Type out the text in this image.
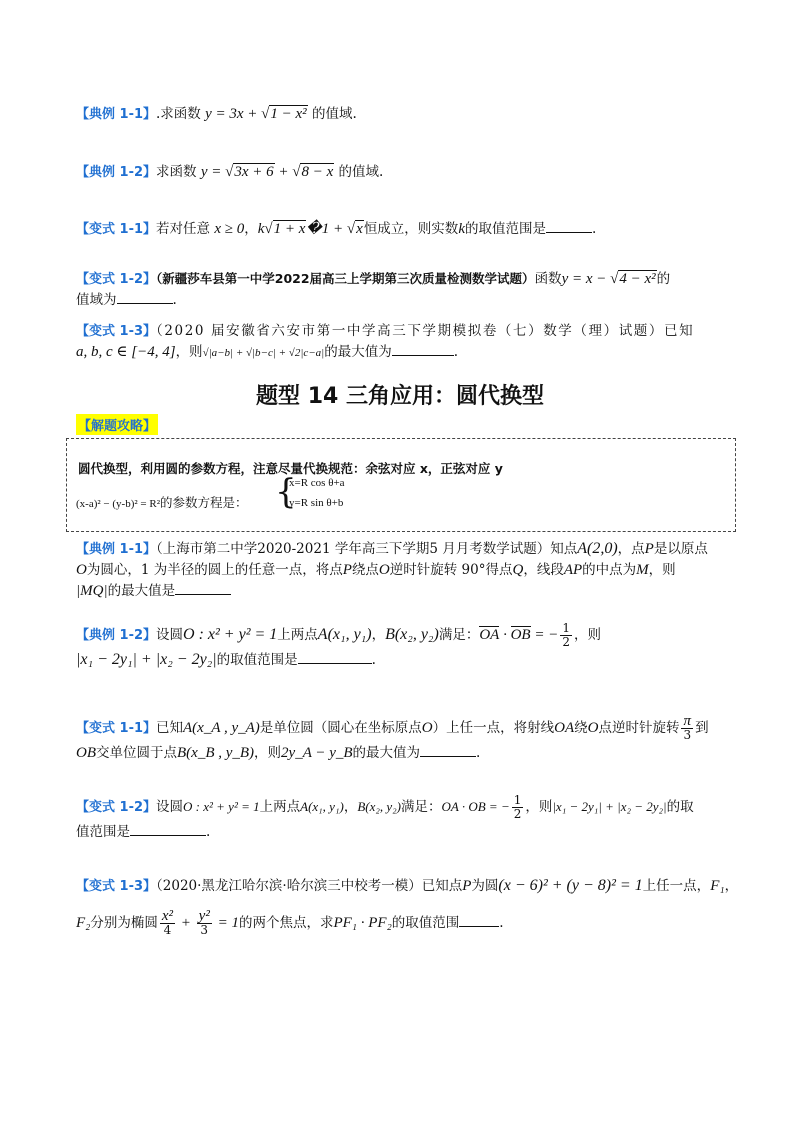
【典例 1-1】.求函数 y = 3x + √1 − x² 的值域.
【典例 1-2】求函数 y = √3x + 6 + √8 − x 的值域.
【变式 1-1】若对任意 x ≥ 0，k√1 + x�1 + √x恒成立，则实数k的取值范围是	.
【变式 1-2】（新疆莎车县第一中学2022届高三上学期第三次质量检测数学试题）函数y = x − √4 − x²的
值域为	.
【变式 1-3】（2020 届安徽省六安市第一中学高三下学期模拟卷（七）数学（理）试题）已知
a, b, c ∈ [−4, 4]，则√|a−b| + √|b−c| + √2|c−a|的最大值为	.
题型 14 三角应用：圆代换型
【解题攻略】
圆代换型，利用圆的参数方程，注意尽量代换规范：余弦对应 x，正弦对应 y
(x-a)² − (y-b)² = R²的参数方程是： {
x=R cos θ+a
y=R sin θ+b
【典例 1-1】（上海市第二中学2020-2021 学年高三下学期5 月月考数学试题）知点A(2,0)，点P是以原点
O为圆心，1 为半径的圆上的任意一点，将点P绕点O逆时针旋转 90°得点Q，线段AP的中点为M，则
|MQ|的最大值是
【典例 1-2】设圆O : x² + y² = 1上两点A(x₁, y₁)，B(x₂, y₂)满足：OA · OB = − $\frac{1}{2}$ ，则
|x₁ − 2y₁| + |x₂ − 2y₂|的取值范围是	.
【变式 1-1】已知A(x_A , y_A)是单位圆（圆心在坐标原点O）上任一点，将射线OA绕O点逆时针旋转 $\frac{\pi}{3}$ 到
OB交单位圆于点B(x_B , y_B)，则2y_A − y_B的最大值为	.
【变式 1-2】设圆O : x² + y² = 1上两点A(x₁, y₁)，B(x₂, y₂)满足：OA · OB = − $\frac{1}{2}$ ，则|x₁ − 2y₁| + |x₂ − 2y₂|的取
值范围是	.
【变式 1-3】（2020·黑龙江哈尔滨·哈尔滨三中校考一模）已知点P为圆(x − 6)² + (y − 8)² = 1上任一点，F₁，
F₂分别为椭圆 $\frac{\text{x²}}{4} + \frac{\text{y²}}{3} = 1$的两个焦点，求PF₁ · PF₂的取值范围	.
